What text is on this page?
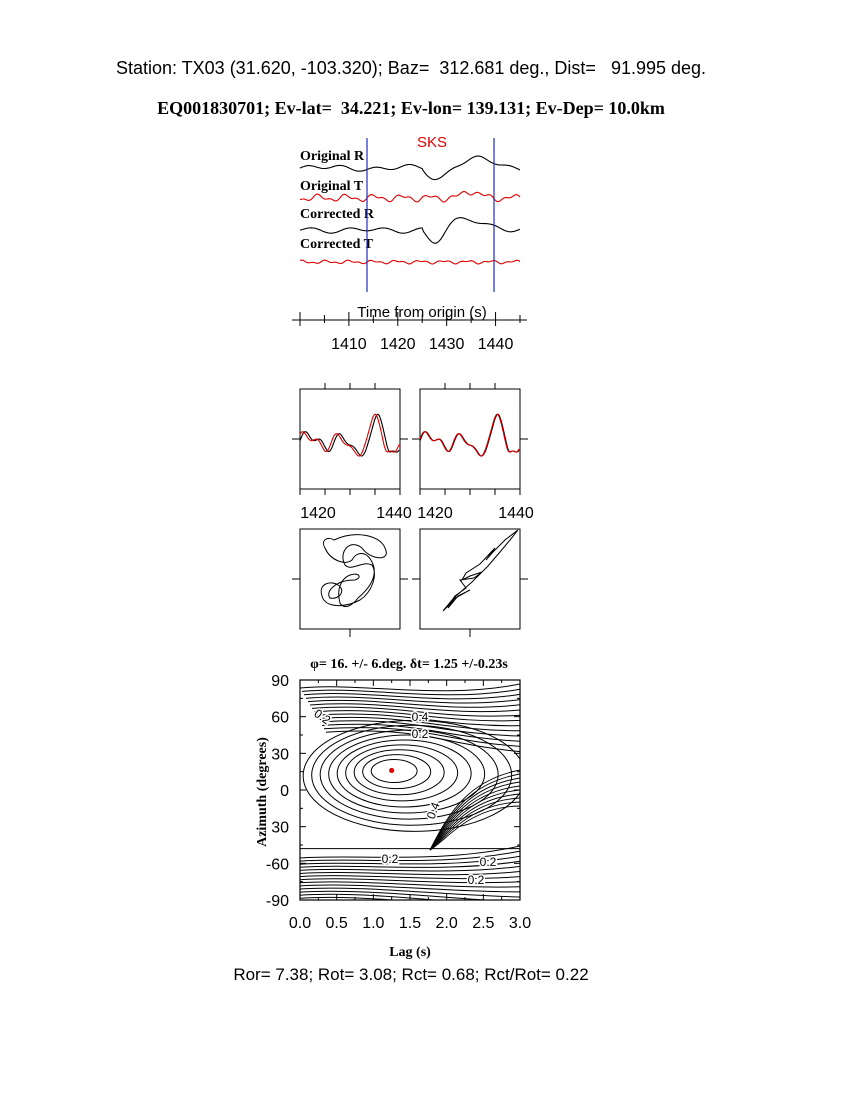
Station: TX03 (31.620, -103.320); Baz=  312.681 deg., Dist=   91.995 deg.
EQ001830701; Ev-lat=  34.221; Ev-lon= 139.131; Ev-Dep= 10.0km
SKS
Original R
Original T
Corrected R
Corrected T
Time from origin (s)
1410 1420 1430 1440
1420	1440 1420	1440
φ= 16. +/- 6.deg. δt= 1.25 +/-0.23s
0.0 0.5 1.0 1.5 2.0 2.5 3.0
90
60
30
0
30
-60
-90
0.4
0.2
0.2
0.2	0.2
0.2
0.4
Lag (s)
Azimuth (degrees)
Ror= 7.38; Rot= 3.08; Rct= 0.68; Rct/Rot= 0.22
